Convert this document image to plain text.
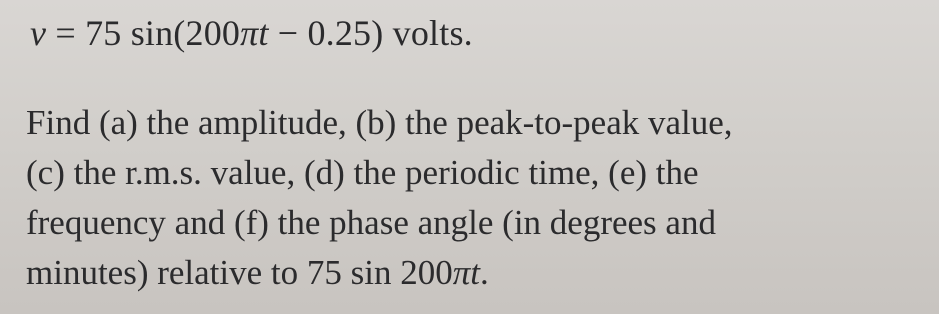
v = 75 sin(200πt − 0.25) volts.
Find (a) the amplitude, (b) the peak-to-peak value,
(c) the r.m.s. value, (d) the periodic time, (e) the
frequency and (f) the phase angle (in degrees and
minutes) relative to 75 sin 200πt.
